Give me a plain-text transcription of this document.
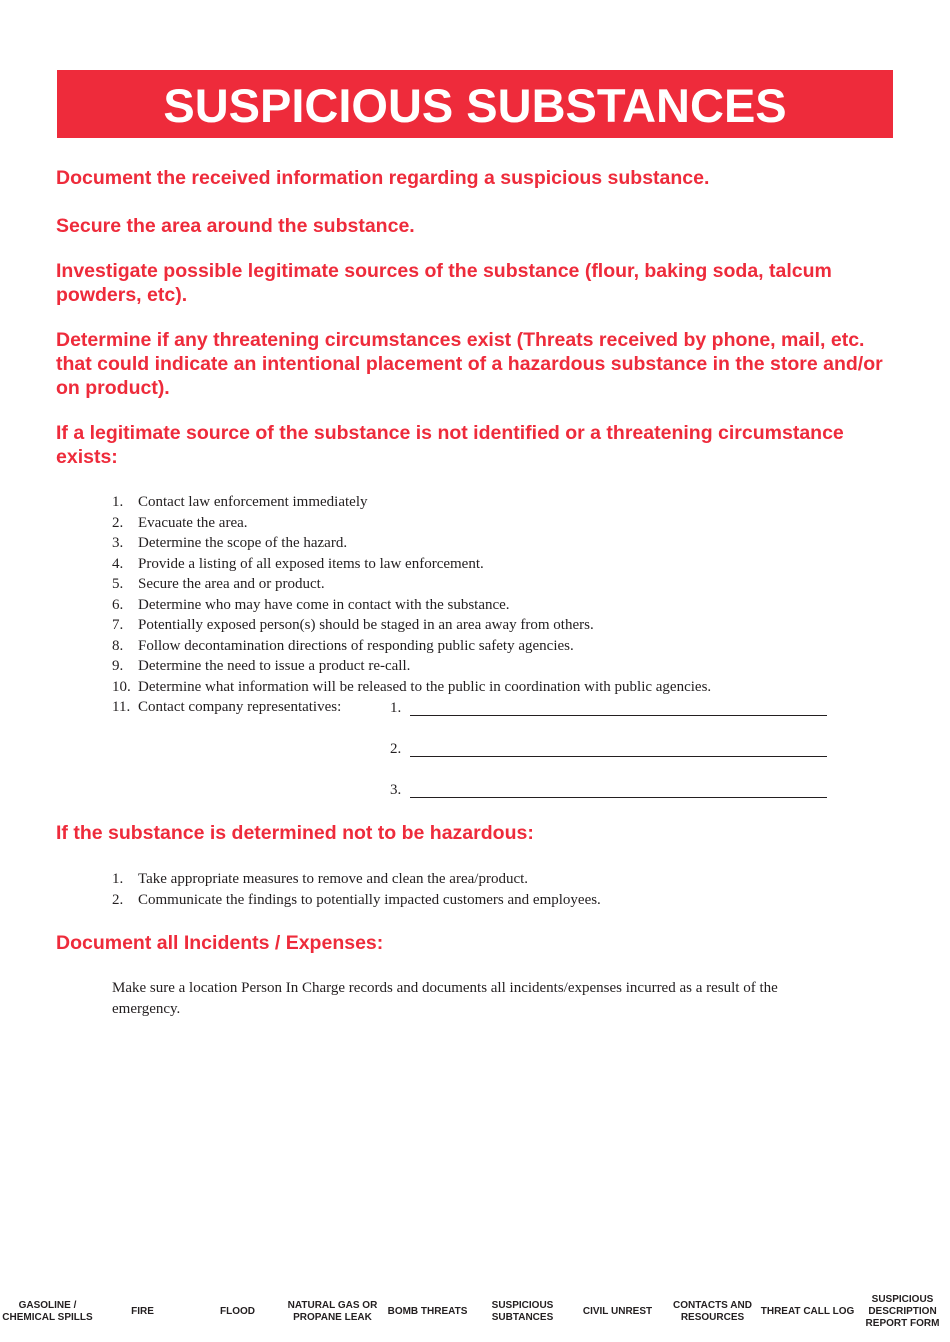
SUSPICIOUS SUBSTANCES

Document the received information regarding a suspicious substance.

Secure the area around the substance.

Investigate possible legitimate sources of the substance (flour, baking soda, talcum powders, etc).

Determine if any threatening circumstances exist (Threats received by phone, mail, etc. that could indicate an intentional placement of a hazardous substance in the store and/or on product).

If a legitimate source of the substance is not identified or a threatening circumstance exists:

1. Contact law enforcement immediately
2. Evacuate the area.
3. Determine the scope of the hazard.
4. Provide a listing of all exposed items to law enforcement.
5. Secure the area and or product.
6. Determine who may have come in contact with the substance.
7. Potentially exposed person(s) should be staged in an area away from others.
8. Follow decontamination directions of responding public safety agencies.
9. Determine the need to issue a product re-call.
10. Determine what information will be released to the public in coordination with public agencies.
11. Contact company representatives:	1.
2.
3.

If the substance is determined not to be hazardous:

1. Take appropriate measures to remove and clean the area/product.
2. Communicate the findings to potentially impacted customers and employees.

Document all Incidents / Expenses:

Make sure a location Person In Charge records and documents all incidents/expenses incurred as a result of the emergency.

GASOLINE / CHEMICAL SPILLS
FIRE	FLOOD
NATURAL GAS OR PROPANE LEAK
BOMB THREATS
SUSPICIOUS SUBTANCES
CIVIL UNREST
CONTACTS AND RESOURCES
THREAT CALL LOG
SUSPICIOUS DESCRIPTION REPORT FORM
